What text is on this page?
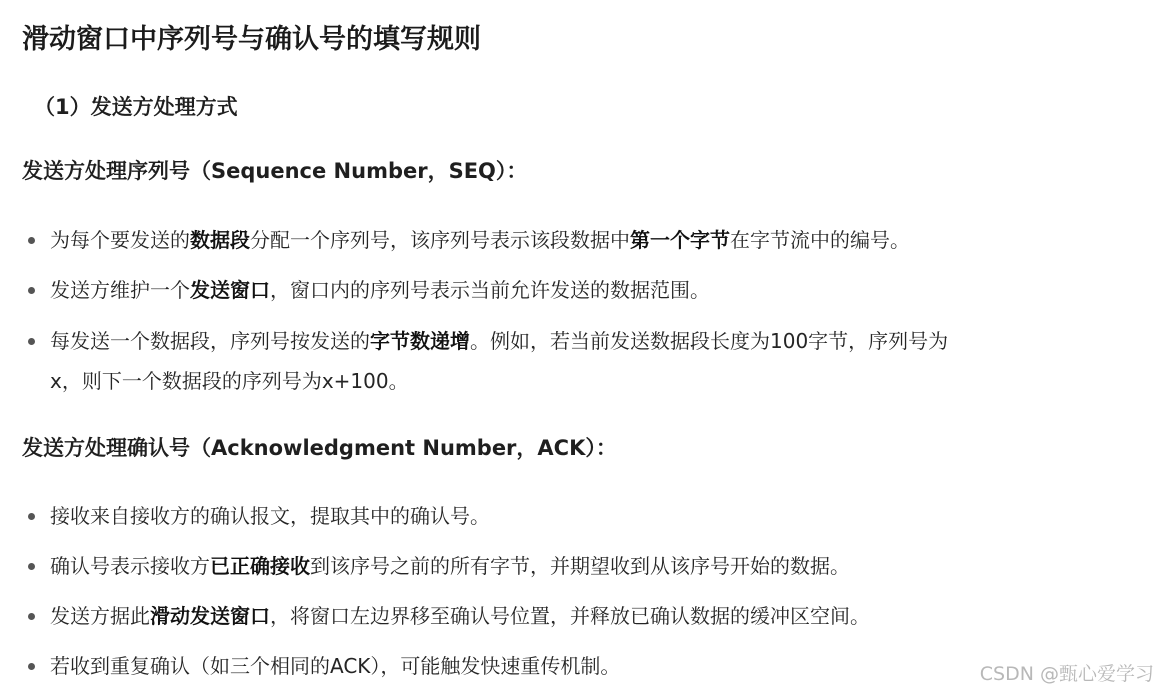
滑动窗口中序列号与确认号的填写规则
（1）发送方处理方式
发送方处理序列号（Sequence Number，SEQ）：
为每个要发送的数据段分配一个序列号，该序列号表示该段数据中第一个字节在字节流中的编号。
发送方维护一个发送窗口，窗口内的序列号表示当前允许发送的数据范围。
每发送一个数据段，序列号按发送的字节数递增。例如，若当前发送数据段长度为100字节，序列号为
x，则下一个数据段的序列号为x+100。
发送方处理确认号（Acknowledgment Number，ACK）：
接收来自接收方的确认报文，提取其中的确认号。
确认号表示接收方已正确接收到该序号之前的所有字节，并期望收到从该序号开始的数据。
发送方据此滑动发送窗口，将窗口左边界移至确认号位置，并释放已确认数据的缓冲区空间。
若收到重复确认（如三个相同的ACK），可能触发快速重传机制。	CSDN @甄心爱学习
